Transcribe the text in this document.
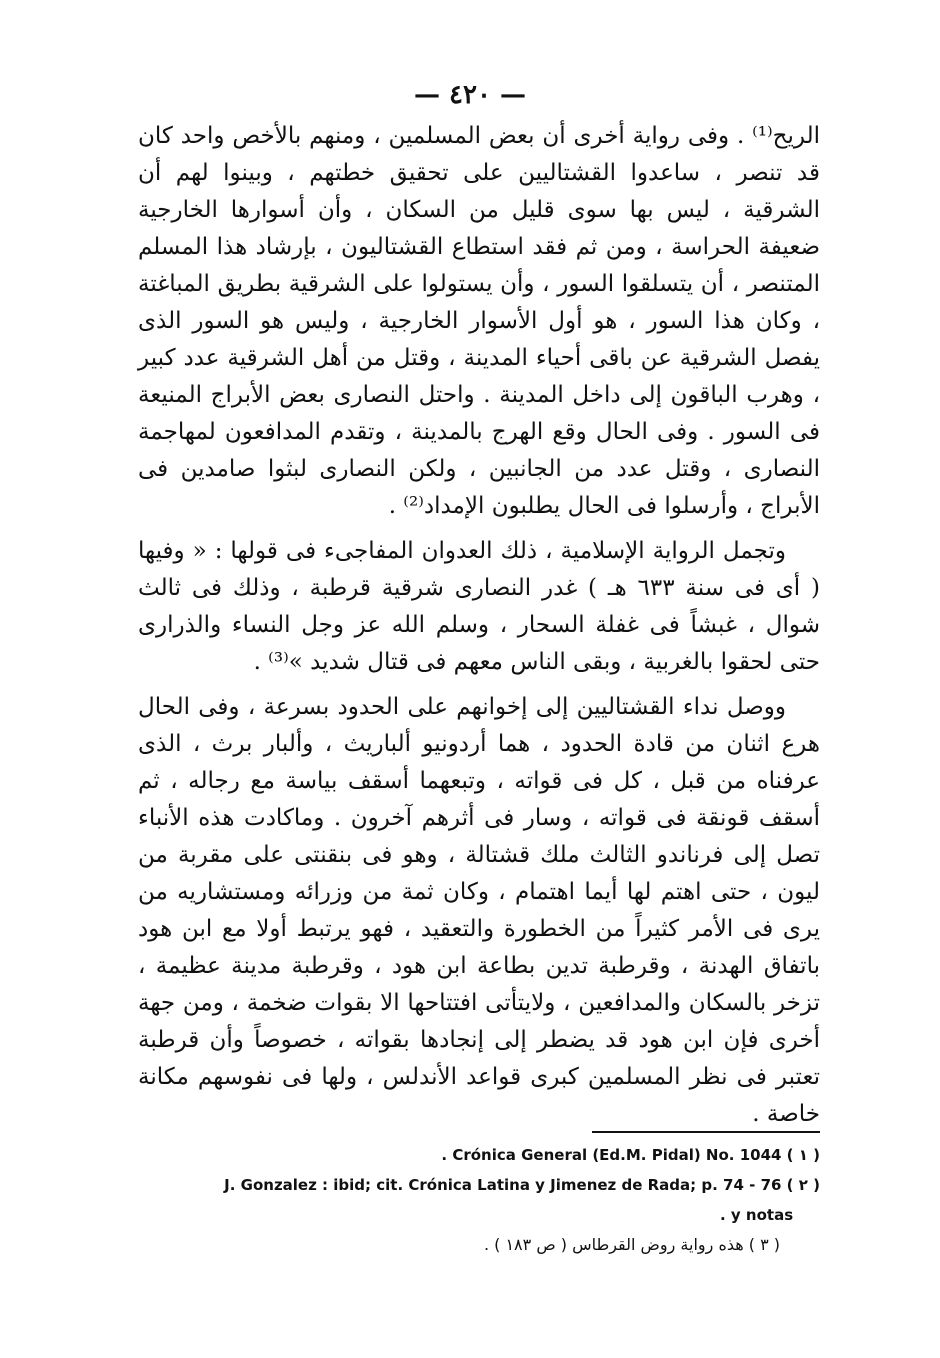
— ٤٢٠ —

الريح⁽¹⁾ . وفى رواية أخرى أن بعض المسلمين ، ومنهم بالأخص واحد كان قد تنصر ، ساعدوا القشتاليين على تحقيق خطتهم ، وبينوا لهم أن الشرقية ، ليس بها سوى قليل من السكان ، وأن أسوارها الخارجية ضعيفة الحراسة ، ومن ثم فقد استطاع القشتاليون ، بإرشاد هذا المسلم المتنصر ، أن يتسلقوا السور ، وأن يستولوا على الشرقية بطريق المباغتة ، وكان هذا السور ، هو أول الأسوار الخارجية ، وليس هو السور الذى يفصل الشرقية عن باقى أحياء المدينة ، وقتل من أهل الشرقية عدد كبير ، وهرب الباقون إلى داخل المدينة . واحتل النصارى بعض الأبراج المنيعة فى السور . وفى الحال وقع الهرج بالمدينة ، وتقدم المدافعون لمهاجمة النصارى ، وقتل عدد من الجانبين ، ولكن النصارى لبثوا صامدين فى الأبراج ، وأرسلوا فى الحال يطلبون الإمداد⁽²⁾ .

وتجمل الرواية الإسلامية ، ذلك العدوان المفاجىء فى قولها : « وفيها ( أى فى سنة ٦٣٣ هـ ) غدر النصارى شرقية قرطبة ، وذلك فى ثالث شوال ، غبشاً فى غفلة السحار ، وسلم الله عز وجل النساء والذرارى حتى لحقوا بالغربية ، وبقى الناس معهم فى قتال شديد »⁽³⁾ .

ووصل نداء القشتاليين إلى إخوانهم على الحدود بسرعة ، وفى الحال هرع اثنان من قادة الحدود ، هما أردونيو ألباريث ، وألبار برث ، الذى عرفناه من قبل ، كل فى قواته ، وتبعهما أسقف بياسة مع رجاله ، ثم أسقف قونقة فى قواته ، وسار فى أثرهم آخرون . وماكادت هذه الأنباء تصل إلى فرناندو الثالث ملك قشتالة ، وهو فى بنقنتى على مقربة من ليون ، حتى اهتم لها أيما اهتمام ، وكان ثمة من وزرائه ومستشاريه من يرى فى الأمر كثيراً من الخطورة والتعقيد ، فهو يرتبط أولا مع ابن هود باتفاق الهدنة ، وقرطبة تدين بطاعة ابن هود ، وقرطبة مدينة عظيمة ، تزخر بالسكان والمدافعين ، ولايتأتى افتتاحها الا بقوات ضخمة ، ومن جهة أخرى فإن ابن هود قد يضطر إلى إنجادها بقواته ، خصوصاً وأن قرطبة تعتبر فى نظر المسلمين كبرى قواعد الأندلس ، ولها فى نفوسهم مكانة خاصة .

. Crónica General (Ed.M. Pidal) No. 1044 ( ١ )
J. Gonzalez : ibid; cit. Crónica Latina y Jimenez de Rada; p. 74 - 76 ( ٢ )
. y notas
( ٣ ) هذه رواية روض القرطاس ( ص ١٨٣ ) .
